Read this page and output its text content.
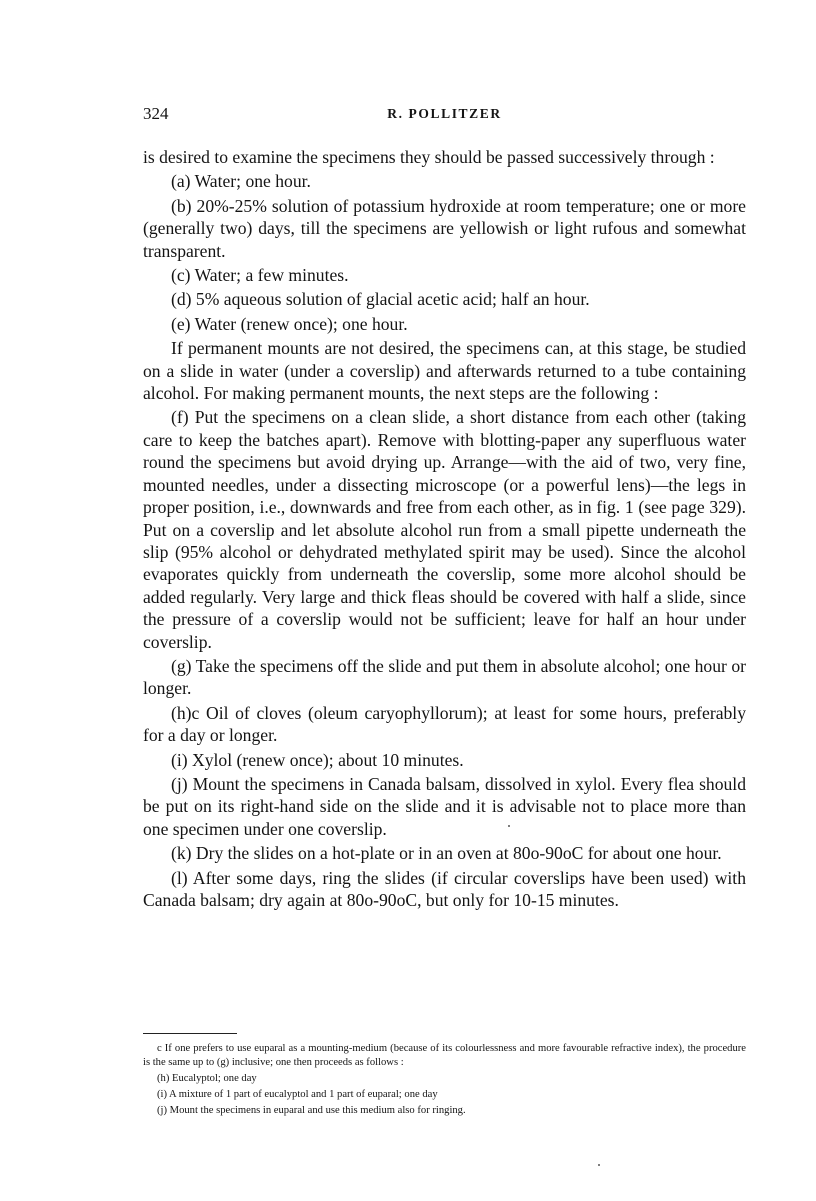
324	R. POLLITZER

is desired to examine the specimens they should be passed successively through :

(a) Water; one hour.

(b) 20%-25% solution of potassium hydroxide at room temperature; one or more (generally two) days, till the specimens are yellowish or light rufous and somewhat transparent.

(c) Water; a few minutes.

(d) 5% aqueous solution of glacial acetic acid; half an hour.

(e) Water (renew once); one hour.

If permanent mounts are not desired, the specimens can, at this stage, be studied on a slide in water (under a coverslip) and afterwards returned to a tube containing alcohol. For making permanent mounts, the next steps are the following :

(f) Put the specimens on a clean slide, a short distance from each other (taking care to keep the batches apart). Remove with blotting-paper any superfluous water round the specimens but avoid drying up. Arrange—with the aid of two, very fine, mounted needles, under a dissecting microscope (or a powerful lens)—the legs in proper position, i.e., downwards and free from each other, as in fig. 1 (see page 329). Put on a coverslip and let absolute alcohol run from a small pipette underneath the slip (95% alcohol or dehydrated methylated spirit may be used). Since the alcohol evaporates quickly from underneath the coverslip, some more alcohol should be added regularly. Very large and thick fleas should be covered with half a slide, since the pressure of a coverslip would not be sufficient; leave for half an hour under coverslip.

(g) Take the specimens off the slide and put them in absolute alcohol; one hour or longer.

(h)c Oil of cloves (oleum caryophyllorum); at least for some hours, preferably for a day or longer.

(i) Xylol (renew once); about 10 minutes.

(j) Mount the specimens in Canada balsam, dissolved in xylol. Every flea should be put on its right-hand side on the slide and it is advisable not to place more than one specimen under one coverslip.

(k) Dry the slides on a hot-plate or in an oven at 80o-90oC for about one hour.

(l) After some days, ring the slides (if circular coverslips have been used) with Canada balsam; dry again at 80o-90oC, but only for 10-15 minutes.

c If one prefers to use euparal as a mounting-medium (because of its colourlessness and more favourable refractive index), the procedure is the same up to (g) inclusive; one then proceeds as follows :

(h) Eucalyptol; one day

(i) A mixture of 1 part of eucalyptol and 1 part of euparal; one day

(j) Mount the specimens in euparal and use this medium also for ringing.
